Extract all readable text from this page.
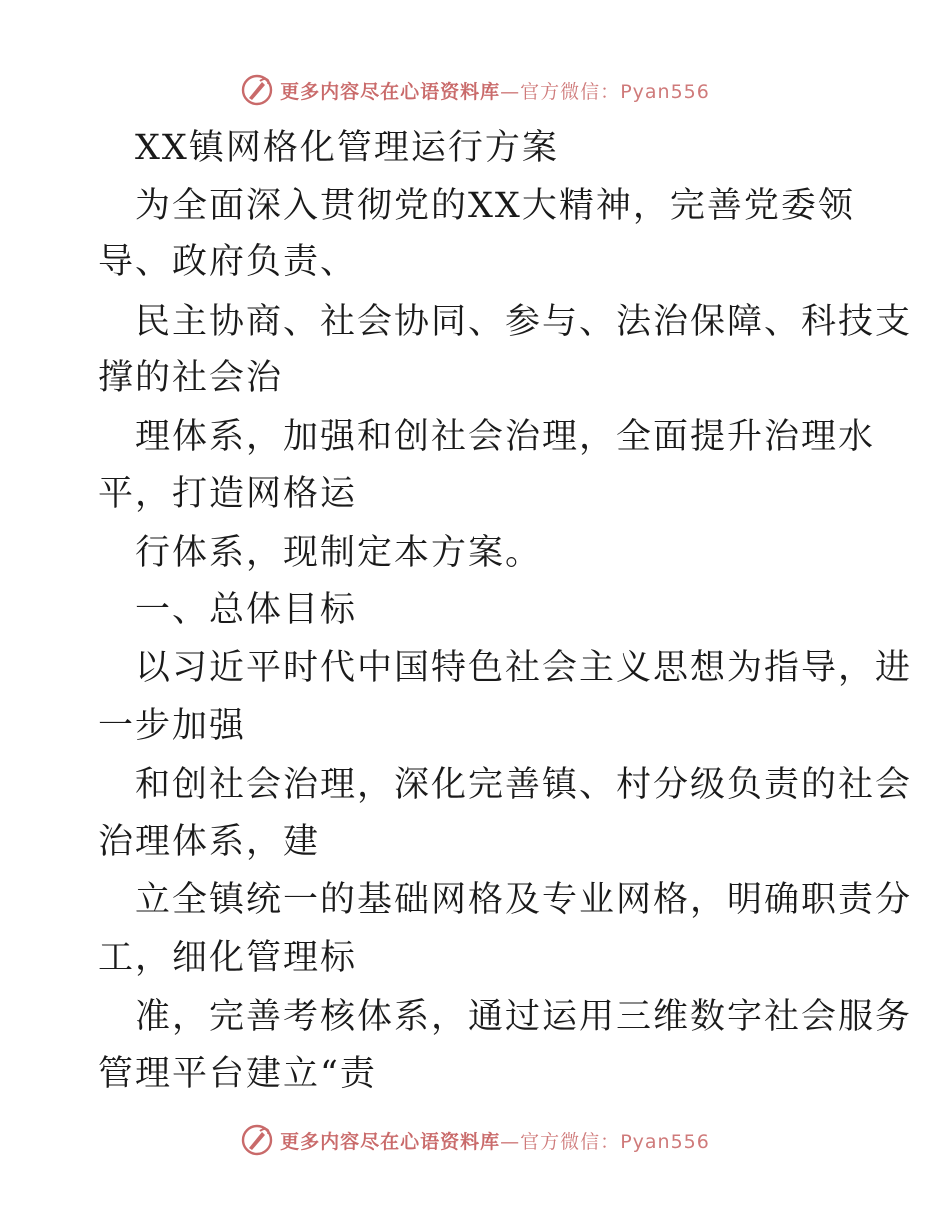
更多内容尽在心语资料库—官方微信：Pyan556
XX镇网格化管理运行方案
为全面深入贯彻党的XX大精神，完善党委领
导、政府负责、
民主协商、社会协同、参与、法治保障、科技支
撑的社会治
理体系，加强和创社会治理，全面提升治理水
平，打造网格运
行体系，现制定本方案。
一、总体目标
以习近平时代中国特色社会主义思想为指导，进
一步加强
和创社会治理，深化完善镇、村分级负责的社会
治理体系，建
立全镇统一的基础网格及专业网格，明确职责分
工，细化管理标
准，完善考核体系，通过运用三维数字社会服务
管理平台建立“责
更多内容尽在心语资料库—官方微信：Pyan556
